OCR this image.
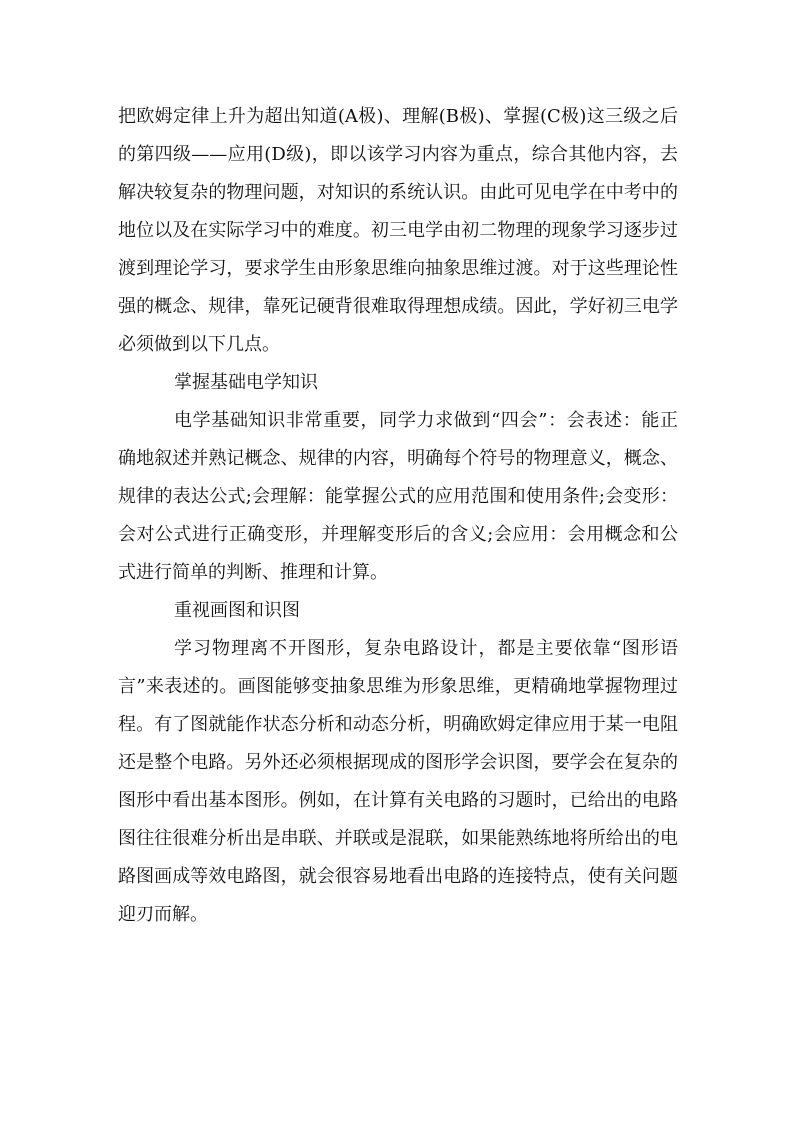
把欧姆定律上升为超出知道(A极)、理解(B极)、掌握(C极)这三级之后的第四级——应用(D级)，即以该学习内容为重点，综合其他内容，去解决较复杂的物理问题，对知识的系统认识。由此可见电学在中考中的地位以及在实际学习中的难度。初三电学由初二物理的现象学习逐步过渡到理论学习，要求学生由形象思维向抽象思维过渡。对于这些理论性强的概念、规律，靠死记硬背很难取得理想成绩。因此，学好初三电学必须做到以下几点。

掌握基础电学知识

电学基础知识非常重要，同学力求做到“四会”：会表述：能正确地叙述并熟记概念、规律的内容，明确每个符号的物理意义，概念、规律的表达公式;会理解：能掌握公式的应用范围和使用条件;会变形：会对公式进行正确变形，并理解变形后的含义;会应用：会用概念和公式进行简单的判断、推理和计算。

重视画图和识图

学习物理离不开图形，复杂电路设计，都是主要依靠“图形语言”来表述的。画图能够变抽象思维为形象思维，更精确地掌握物理过程。有了图就能作状态分析和动态分析，明确欧姆定律应用于某一电阻还是整个电路。另外还必须根据现成的图形学会识图，要学会在复杂的图形中看出基本图形。例如，在计算有关电路的习题时，已给出的电路图往往很难分析出是串联、并联或是混联，如果能熟练地将所给出的电路图画成等效电路图，就会很容易地看出电路的连接特点，使有关问题迎刃而解。
